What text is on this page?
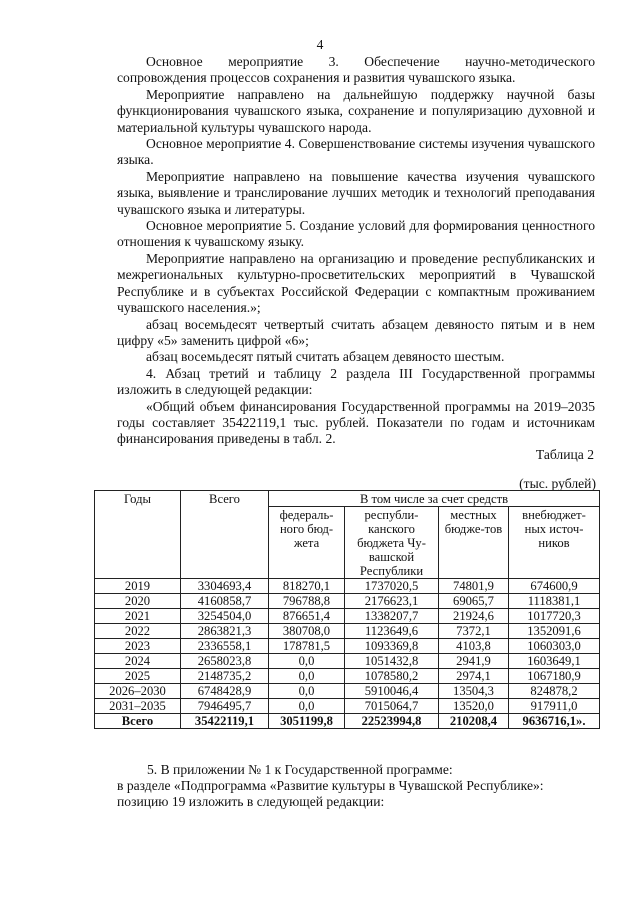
4

Основное мероприятие 3. Обеспечение научно-методического сопровождения процессов сохранения и развития чувашского языка.

Мероприятие направлено на дальнейшую поддержку научной базы функционирования чувашского языка, сохранение и популяризацию духовной и материальной культуры чувашского народа.

Основное мероприятие 4. Совершенствование системы изучения чувашского языка.

Мероприятие направлено на повышение качества изучения чувашского языка, выявление и транслирование лучших методик и технологий преподавания чувашского языка и литературы.

Основное мероприятие 5. Создание условий для формирования ценностного отношения к чувашскому языку.

Мероприятие направлено на организацию и проведение республиканских и межрегиональных культурно-просветительских мероприятий в Чувашской Республике и в субъектах Российской Федерации с компактным проживанием чувашского населения.»;

абзац восемьдесят четвертый считать абзацем девяносто пятым и в нем цифру «5» заменить цифрой «6»;

абзац восемьдесят пятый считать абзацем девяносто шестым.

4. Абзац третий и таблицу 2 раздела III Государственной программы изложить в следующей редакции:

«Общий объем финансирования Государственной программы на 2019–2035 годы составляет 35422119,1 тыс. рублей. Показатели по годам и источникам финансирования приведены в табл. 2.

Таблица 2
(тыс. рублей)
Годы	Всего	В том числе за счет средств			
		федераль-ного бюд-жета	республи-канского бюджета Чу-вашской Республики	местных бюдже-тов	внебюджет-ных источ-ников
2019	3304693,4	818270,1	1737020,5	74801,9	674600,9
2020	4160858,7	796788,8	2176623,1	69065,7	1118381,1
2021	3254504,0	876651,4	1338207,7	21924,6	1017720,3
2022	2863821,3	380708,0	1123649,6	7372,1	1352091,6
2023	2336558,1	178781,5	1093369,8	4103,8	1060303,0
2024	2658023,8	0,0	1051432,8	2941,9	1603649,1
2025	2148735,2	0,0	1078580,2	2974,1	1067180,9
2026–2030	6748428,9	0,0	5910046,4	13504,3	824878,2
2031–2035	7946495,7	0,0	7015064,7	13520,0	917911,0
Всего	35422119,1	3051199,8	22523994,8	210208,4	9636716,1».
5. В приложении № 1 к Государственной программе:
в разделе «Подпрограмма «Развитие культуры в Чувашской Республике»:
позицию 19 изложить в следующей редакции:
